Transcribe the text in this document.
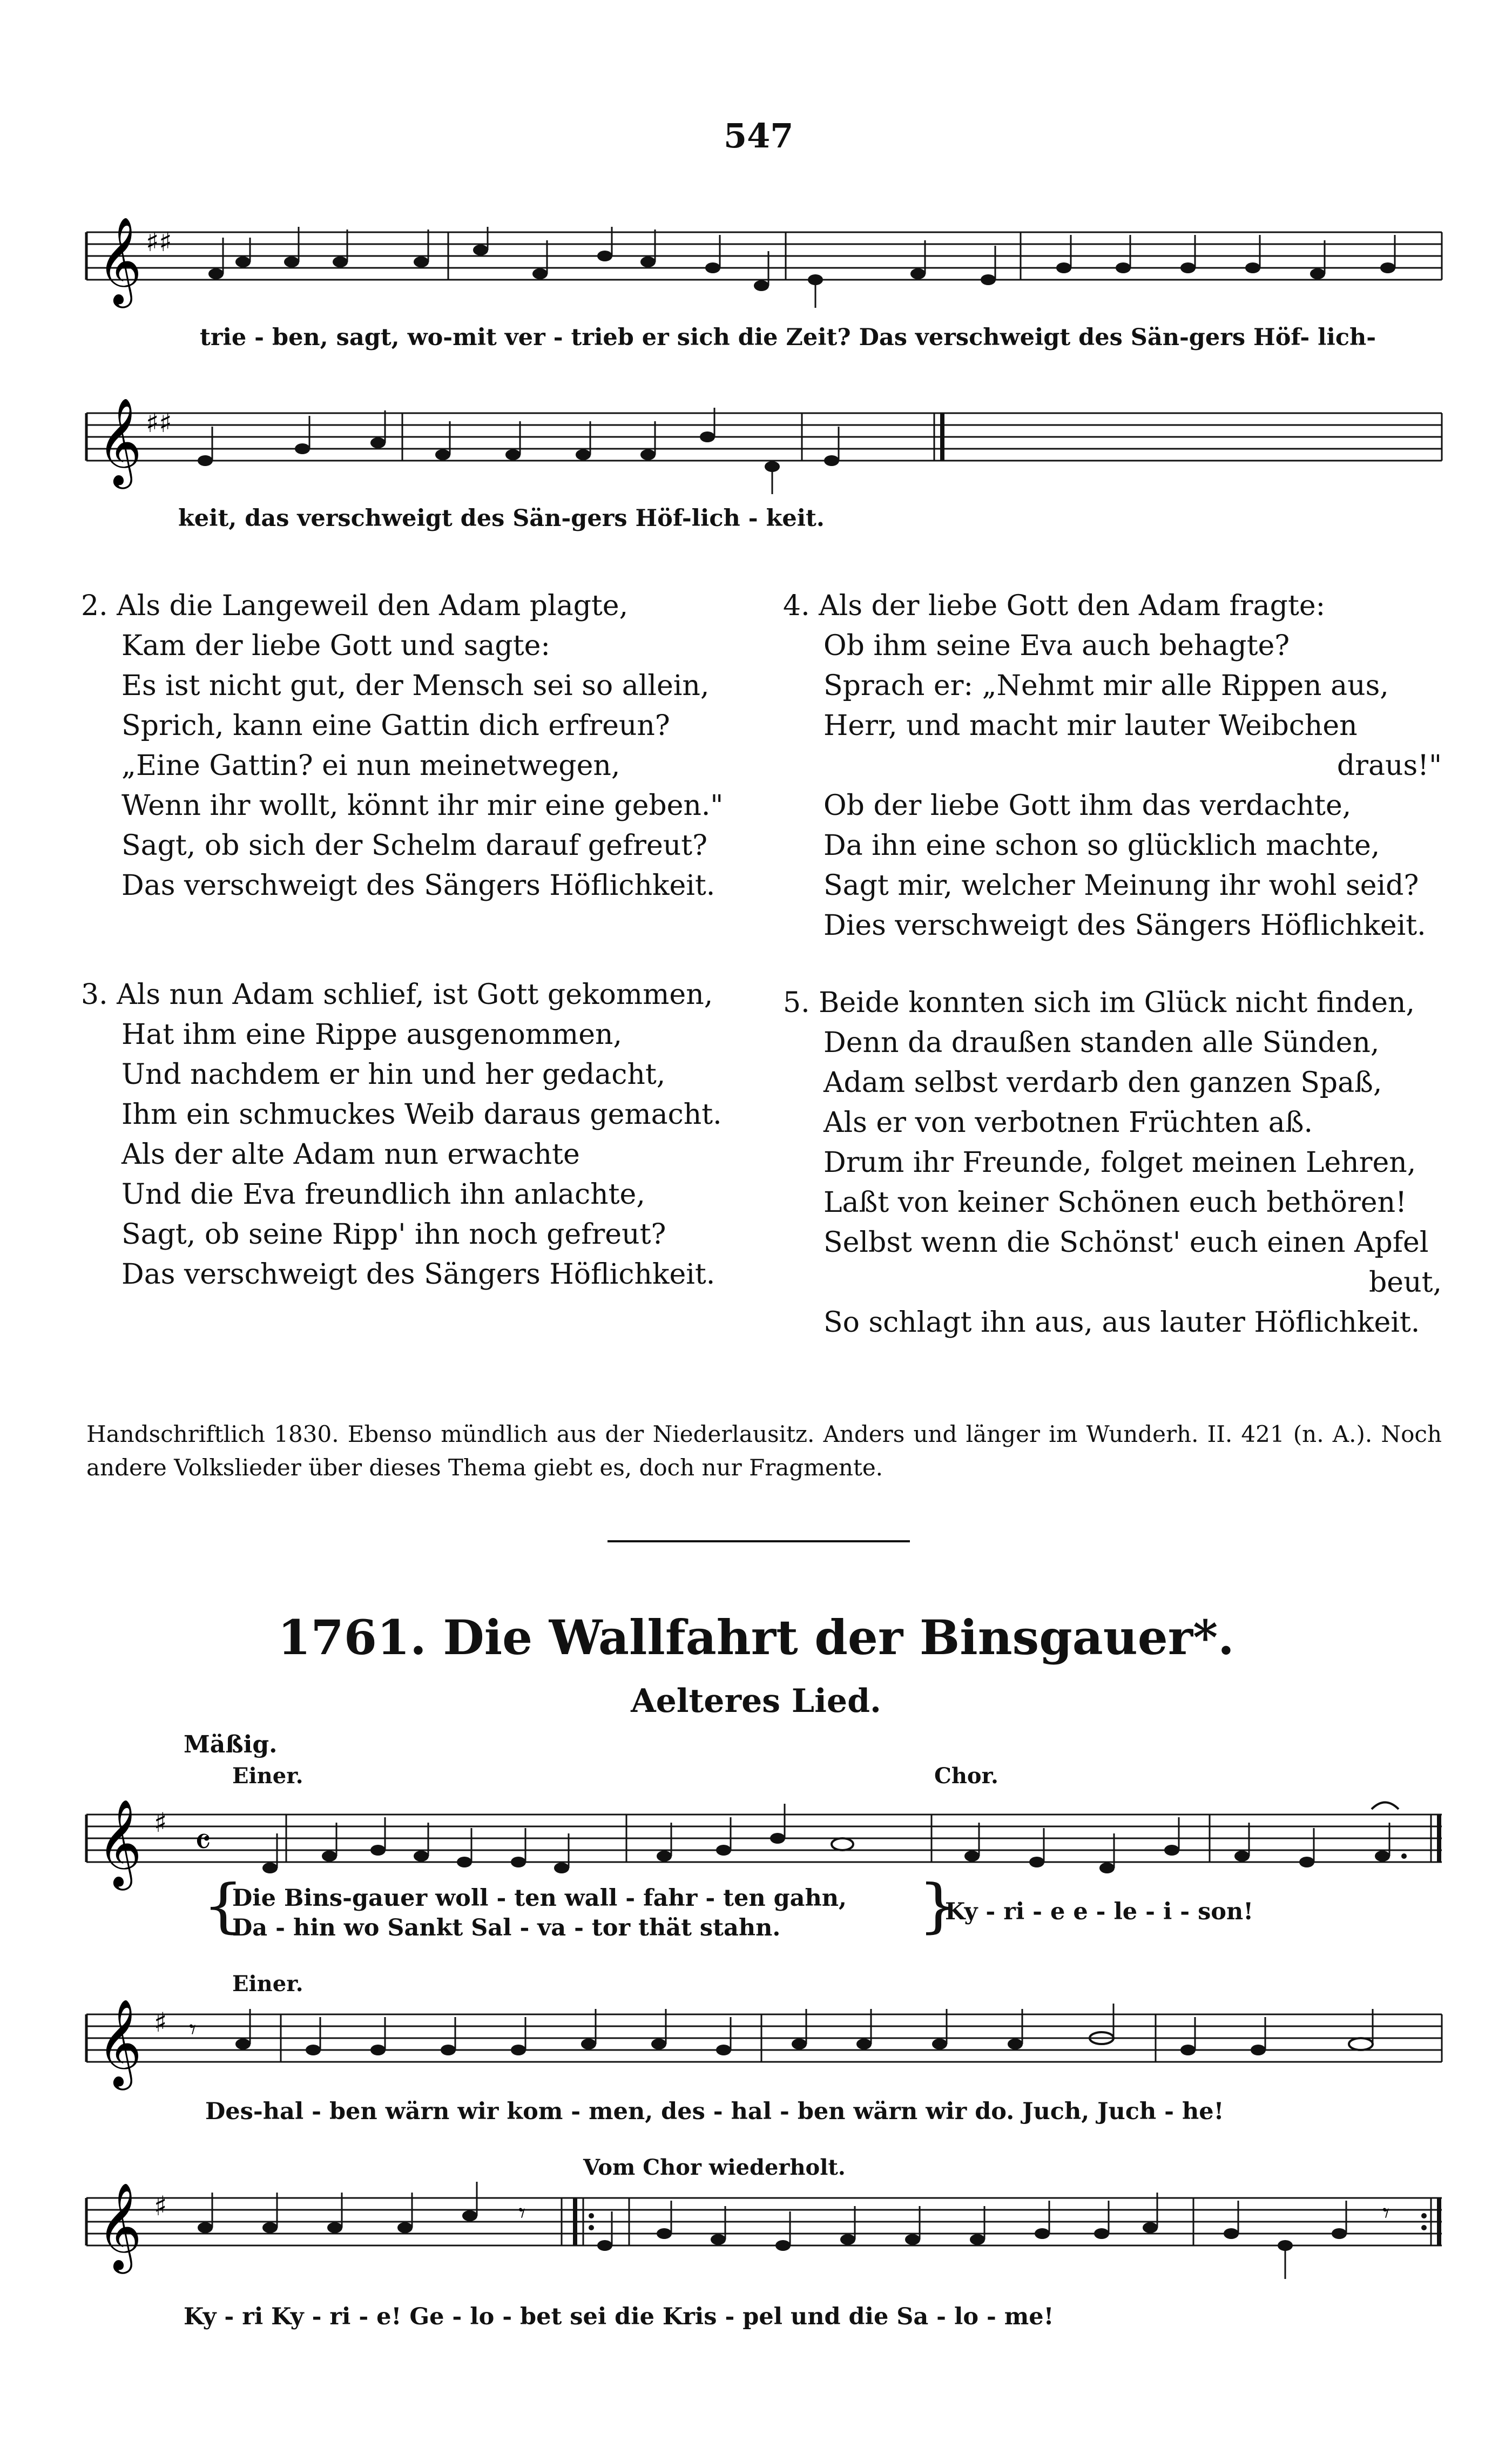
547
𝄞 ♯♯
trie - ben, sagt, wo-mit ver - trieb er sich die Zeit? Das verschweigt des Sän-gers Höf- lich-
𝄞 ♯♯
keit, das verschweigt des Sän-gers Höf-lich - keit.
2. Als die Langeweil den Adam plagte,
Kam der liebe Gott und sagte:
Es ist nicht gut, der Mensch sei so allein,
Sprich, kann eine Gattin dich erfreun?
„Eine Gattin? ei nun meinetwegen,
Wenn ihr wollt, könnt ihr mir eine geben."
Sagt, ob sich der Schelm darauf gefreut?
Das verschweigt des Sängers Höflichkeit.
3. Als nun Adam schlief, ist Gott gekommen,
Hat ihm eine Rippe ausgenommen,
Und nachdem er hin und her gedacht,
Ihm ein schmuckes Weib daraus gemacht.
Als der alte Adam nun erwachte
Und die Eva freundlich ihn anlachte,
Sagt, ob seine Ripp' ihn noch gefreut?
Das verschweigt des Sängers Höflichkeit.
4. Als der liebe Gott den Adam fragte:
Ob ihm seine Eva auch behagte?
Sprach er: „Nehmt mir alle Rippen aus,
Herr, und macht mir lauter Weibchen
draus!"
Ob der liebe Gott ihm das verdachte,
Da ihn eine schon so glücklich machte,
Sagt mir, welcher Meinung ihr wohl seid?
Dies verschweigt des Sängers Höflichkeit.
5. Beide konnten sich im Glück nicht finden,
Denn da draußen standen alle Sünden,
Adam selbst verdarb den ganzen Spaß,
Als er von verbotnen Früchten aß.
Drum ihr Freunde, folget meinen Lehren,
Laßt von keiner Schönen euch bethören!
Selbst wenn die Schönst' euch einen Apfel
beut,
So schlagt ihn aus, aus lauter Höflichkeit.
Handschriftlich 1830. Ebenso mündlich aus der Niederlausitz. Anders und länger im Wunderh. II. 421 (n. A.). Noch andere Volkslieder über dieses Thema giebt es, doch nur Fragmente.
1761. Die Wallfahrt der Binsgauer*.
Aelteres Lied.
Mäßig.
Einer.	Chor.
𝄞 ♯ 𝄴
{
Die Bins-gauer woll - ten wall - fahr - ten gahn,
Da - hin wo Sankt Sal - va - tor thät stahn. }
Ky - ri - e e - le - i - son!
Einer.
𝄞 ♯ 𝄾
Des-hal - ben wärn wir kom - men, des - hal - ben wärn wir do. Juch, Juch - he!
Vom Chor wiederholt.
𝄞 ♯	𝄾	𝄾
Ky - ri Ky - ri - e! Ge - lo - bet sei die Kris - pel und die Sa - lo - me!
